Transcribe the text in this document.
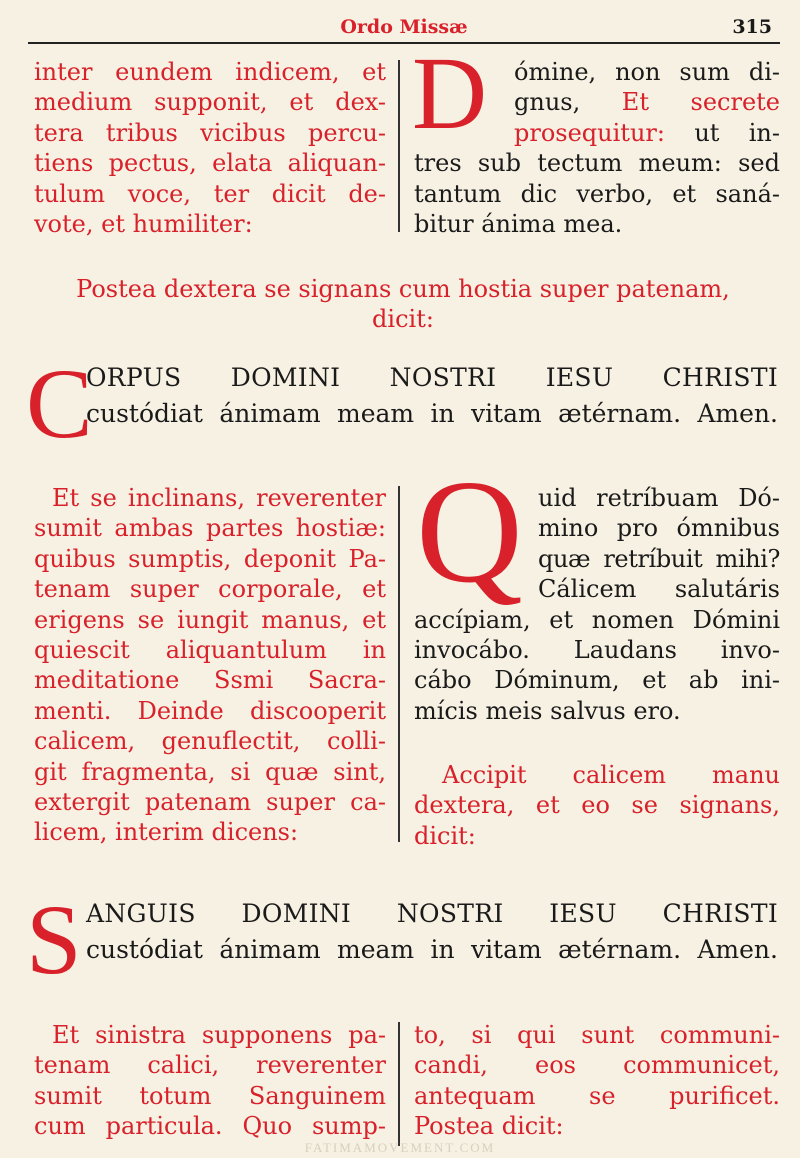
Ordo Missæ	315

inter eundem indicem, et

medium supponit, et dex-

tera tribus vicibus percu-

tiens pectus, elata aliquan-

tulum voce, ter dicit de-

vote, et humiliter:

D ómine, non sum di-

gnus, Et secrete

prosequitur: ut in-

tres sub tectum meum: sed

tantum dic verbo, et saná-

bitur ánima mea.

Postea dextera se signans cum hostia super patenam,
dicit:
C
ORPUS DOMINI NOSTRI IESU CHRISTI
custódiat ánimam meam in vitam ætérnam. Amen.

Et se inclinans, reverenter

sumit ambas partes hostiæ:

quibus sumptis, deponit Pa-

tenam super corporale, et

erigens se iungit manus, et

quiescit aliquantulum in

meditatione Ssmi Sacra-

menti. Deinde discooperit

calicem, genuflectit, colli-

git fragmenta, si quæ sint,

extergit patenam super ca-

licem, interim dicens:

Q uid retríbuam Dó-

mino pro ómnibus

quæ retríbuit mihi?

Cálicem salutáris

accípiam, et nomen Dómini

invocábo. Laudans invo-

cábo Dóminum, et ab ini-

mícis meis salvus ero.

Accipit calicem manu

dextera, et eo se signans,

dicit:

S ANGUIS DOMINI NOSTRI IESU CHRISTI
custódiat ánimam meam in vitam ætérnam. Amen.

Et sinistra supponens pa-

tenam calici, reverenter

sumit totum Sanguinem

cum particula. Quo sump-

to, si qui sunt communi-

candi, eos communicet,

antequam se purificet.

Postea dicit:

FATIMAMOVEMENT.COM
